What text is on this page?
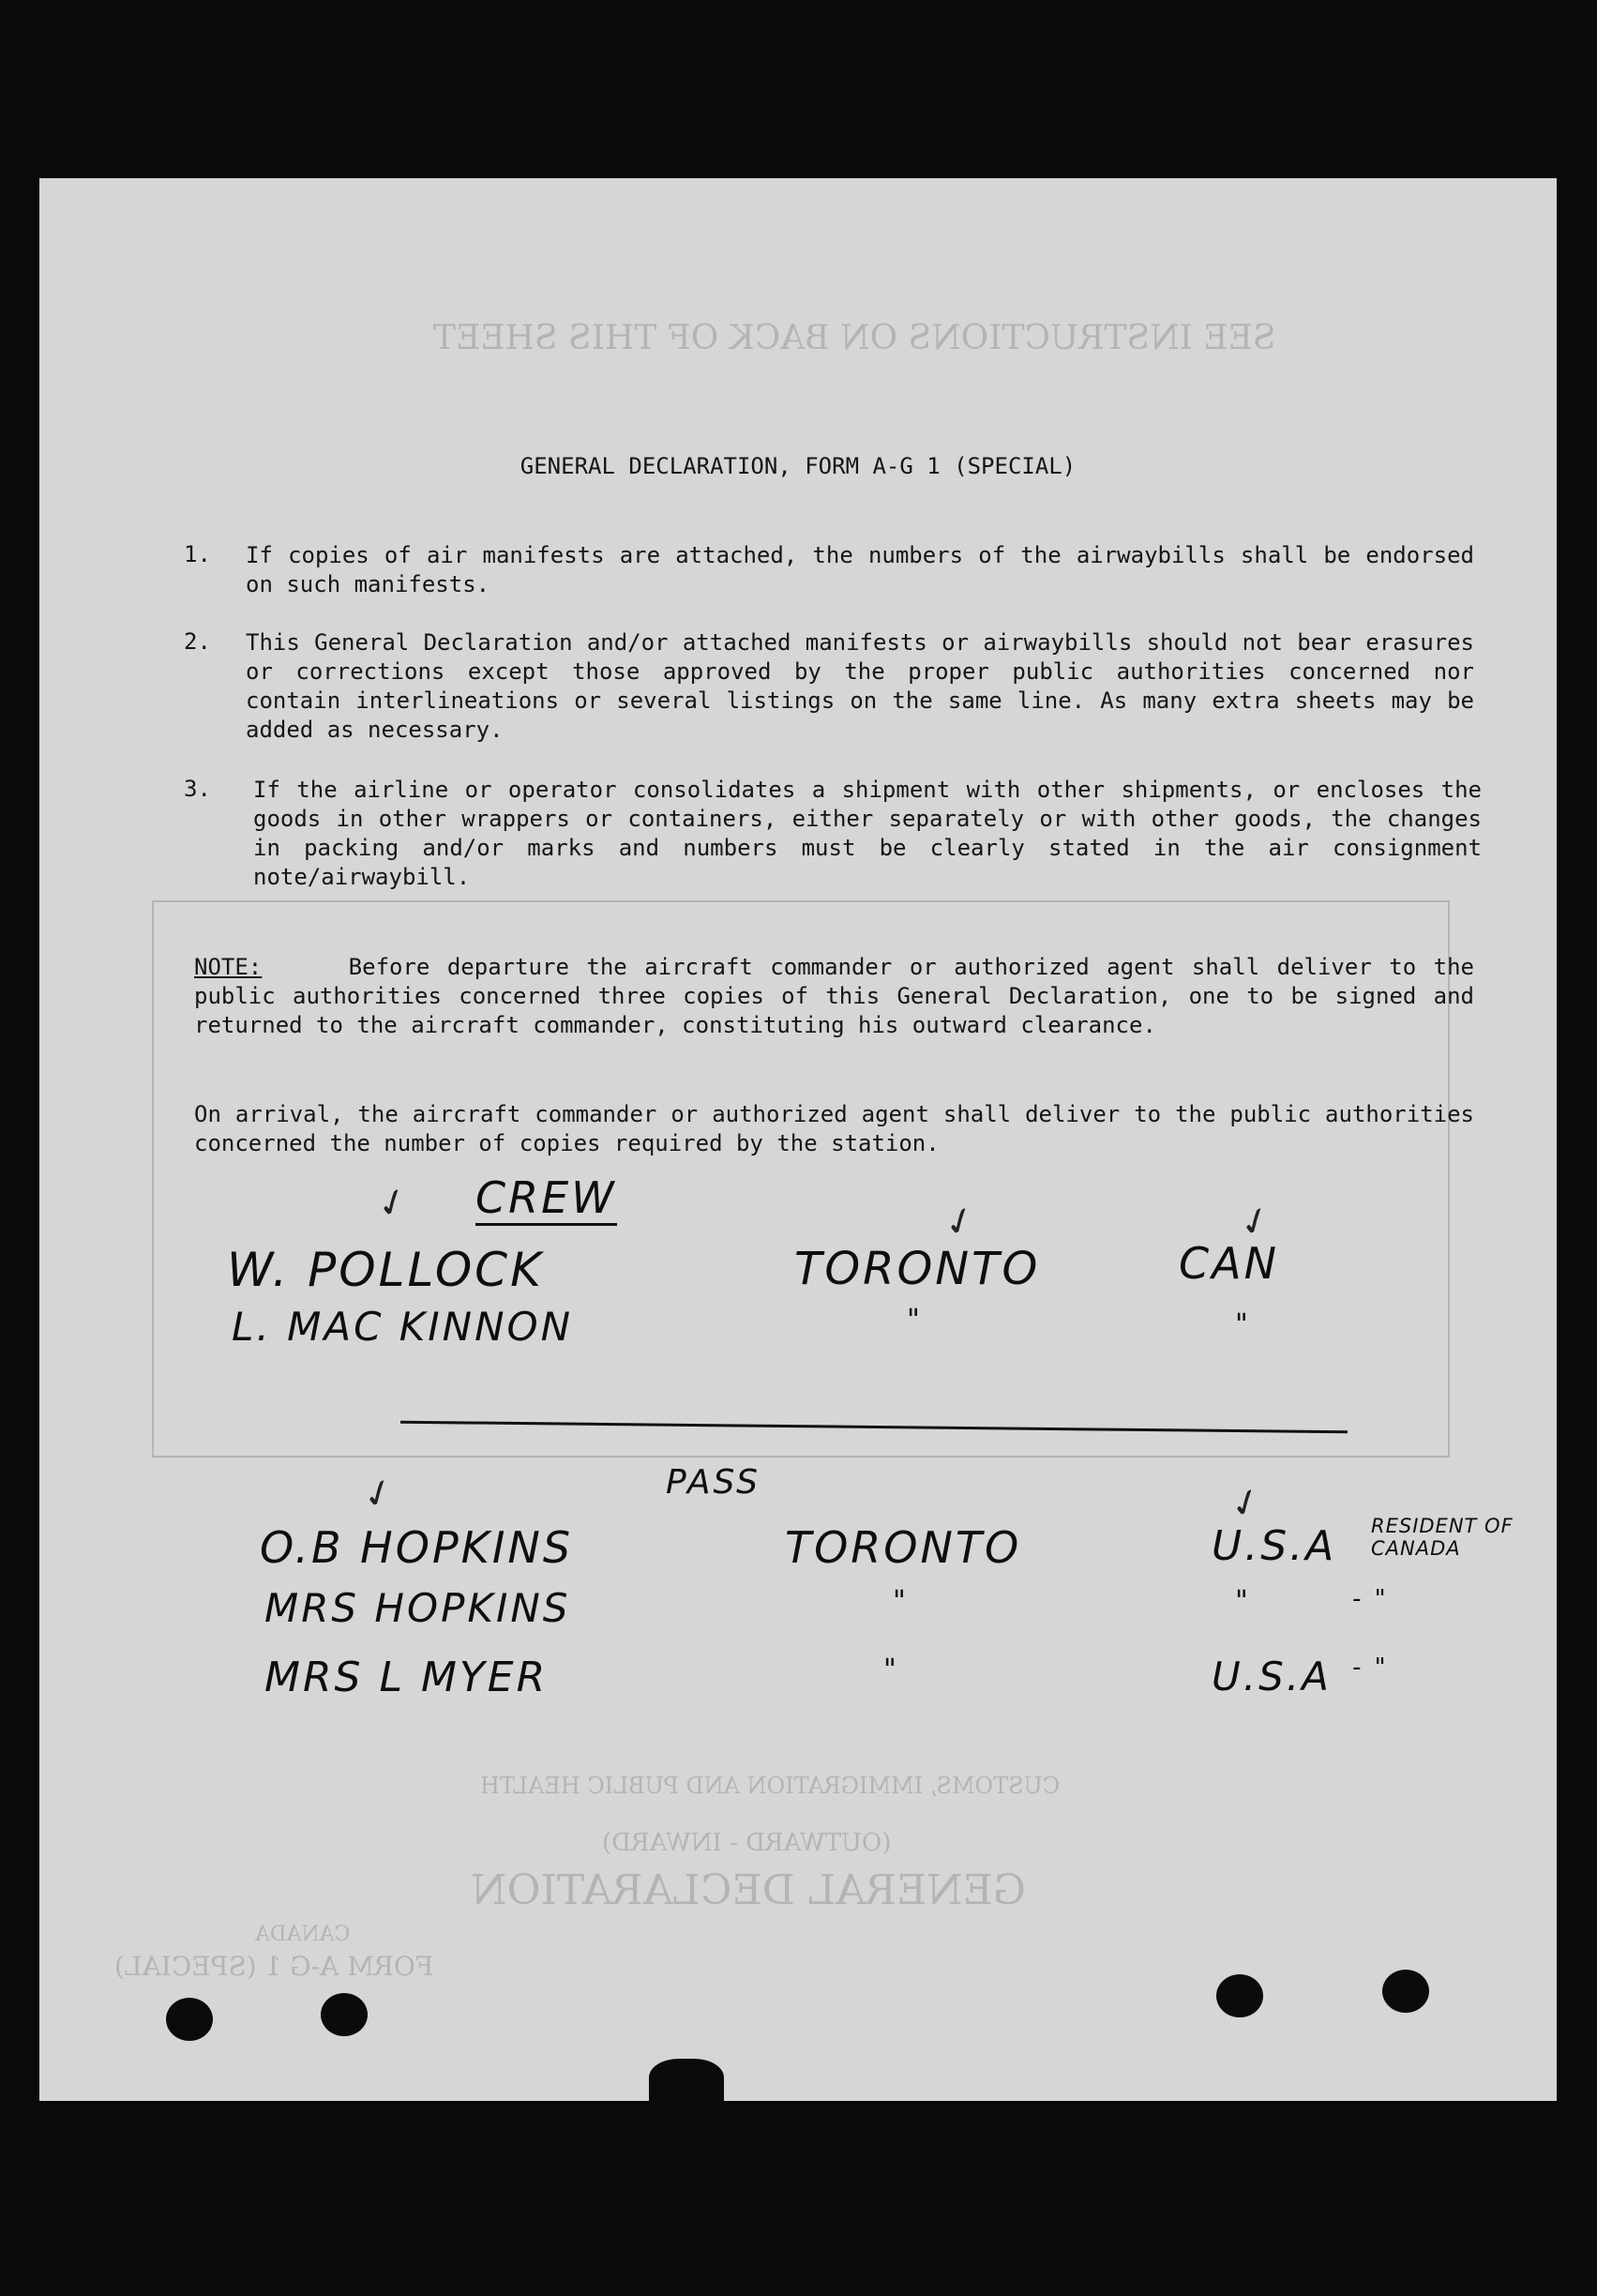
SEE INSTRUCTIONS ON BACK OF THIS SHEET
CUSTOMS, IMMIGRATION AND PUBLIC HEALTH
(OUTWARD - INWARD)
GENERAL DECLARATION
FORM A-G 1 (SPECIAL)
CANADA
GENERAL DECLARATION, FORM A-G 1 (SPECIAL)
1. If copies of air manifests are attached, the numbers of the airwaybills shall be endorsed on such manifests.
2. This General Declaration and/or attached manifests or airwaybills should not bear erasures or corrections except those approved by the proper public authorities concerned nor contain interlineations or several listings on the same line. As many extra sheets may be added as necessary.
3. If the airline or operator consolidates a shipment with other shipments, or encloses the goods in other wrappers or containers, either separately or with other goods, the changes in packing and/or marks and numbers must be clearly stated in the air consignment note/airwaybill.
NOTE:	Before departure the aircraft commander or authorized agent shall deliver to the public authorities concerned three copies of this General Declaration, one to be signed and returned to the aircraft commander, constituting his outward clearance.
On arrival, the aircraft commander or authorized agent shall deliver to the public authorities concerned the number of copies required by the station.
✓ CREW	✓	✓
W. POLLOCK	TORONTO	CAN
L. MAC KINNON	"	"
PASS
✓	✓
O.B HOPKINS	TORONTO	U.S.A RESIDENT OF CANADA
MRS HOPKINS	"	"	- "
MRS L MYER	"	U.S.A - "
